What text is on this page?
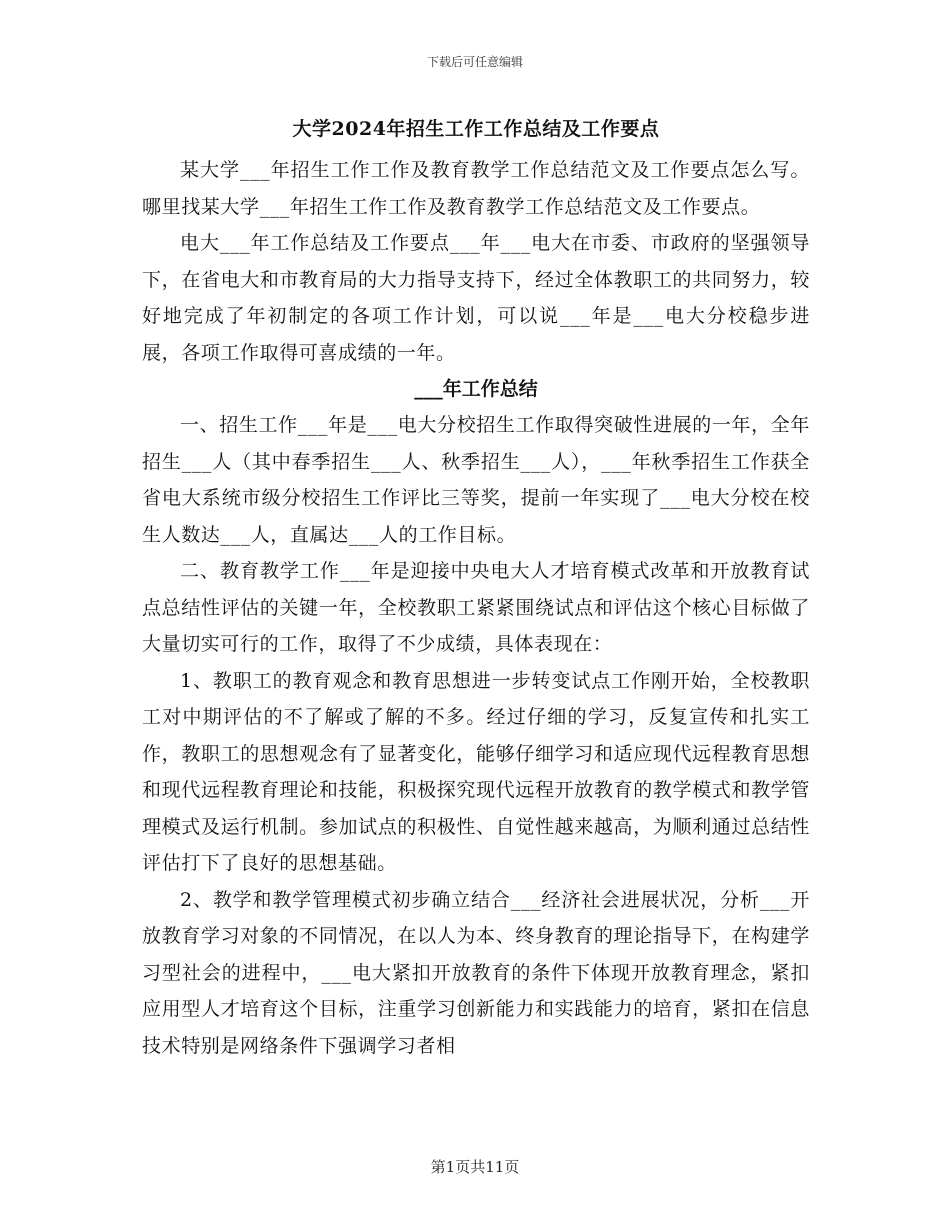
下载后可任意编辑
大学2024年招生工作工作总结及工作要点

某大学___年招生工作工作及教育教学工作总结范文及工作要点怎么写。哪里找某大学___年招生工作工作及教育教学工作总结范文及工作要点。

电大___年工作总结及工作要点___年___电大在市委、市政府的坚强领导下，在省电大和市教育局的大力指导支持下，经过全体教职工的共同努力，较好地完成了年初制定的各项工作计划，可以说___年是___电大分校稳步进展，各项工作取得可喜成绩的一年。

___年工作总结

一、招生工作___年是___电大分校招生工作取得突破性进展的一年，全年招生___人（其中春季招生___人、秋季招生___人），___年秋季招生工作获全省电大系统市级分校招生工作评比三等奖，提前一年实现了___电大分校在校生人数达___人，直属达___人的工作目标。

二、教育教学工作___年是迎接中央电大人才培育模式改革和开放教育试点总结性评估的关键一年，全校教职工紧紧围绕试点和评估这个核心目标做了大量切实可行的工作，取得了不少成绩，具体表现在：

1、教职工的教育观念和教育思想进一步转变试点工作刚开始，全校教职工对中期评估的不了解或了解的不多。经过仔细的学习，反复宣传和扎实工作，教职工的思想观念有了显著变化，能够仔细学习和适应现代远程教育思想和现代远程教育理论和技能，积极探究现代远程开放教育的教学模式和教学管理模式及运行机制。参加试点的积极性、自觉性越来越高，为顺利通过总结性评估打下了良好的思想基础。

2、教学和教学管理模式初步确立结合___经济社会进展状况，分析___开放教育学习对象的不同情况，在以人为本、终身教育的理论指导下，在构建学习型社会的进程中，___电大紧扣开放教育的条件下体现开放教育理念，紧扣应用型人才培育这个目标，注重学习创新能力和实践能力的培育，紧扣在信息技术特别是网络条件下强调学习者相

第1页共11页
